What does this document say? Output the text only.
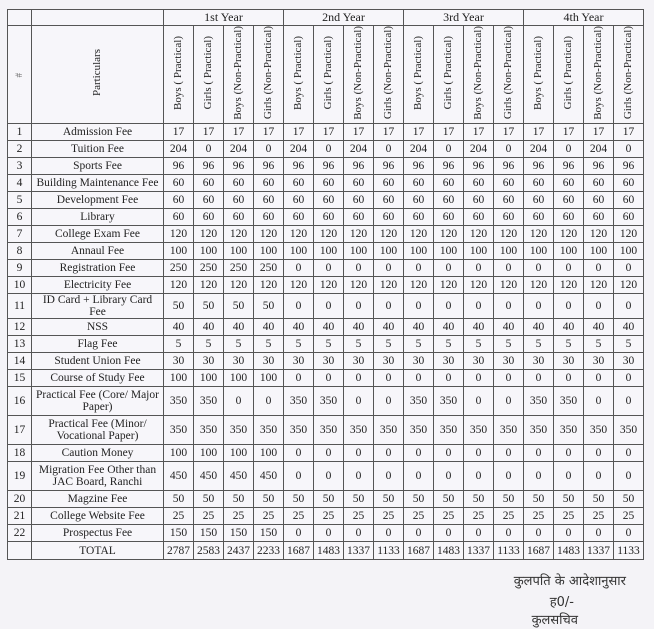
		1st Year				2nd Year				3rd Year				4th Year			
#	Particulars	Boys ( Practical)	Girls ( Practical)	Boys (Non-Practical)	Girls (Non-Practical)	Boys ( Practical)	Girls ( Practical)	Boys (Non-Practical)	Girls (Non-Practical)	Boys ( Practical)	Girls ( Practical)	Boys (Non-Practical)	Girls (Non-Practical)	Boys ( Practical)	Girls ( Practical)	Boys (Non-Practical)	Girls (Non-Practical)
1	Admission Fee	17	17	17	17	17	17	17	17	17	17	17	17	17	17	17	17
2	Tuition Fee	204	0	204	0	204	0	204	0	204	0	204	0	204	0	204	0
3	Sports Fee	96	96	96	96	96	96	96	96	96	96	96	96	96	96	96	96
4	Building Maintenance Fee	60	60	60	60	60	60	60	60	60	60	60	60	60	60	60	60
5	Development Fee	60	60	60	60	60	60	60	60	60	60	60	60	60	60	60	60
6	Library	60	60	60	60	60	60	60	60	60	60	60	60	60	60	60	60
7	College Exam Fee	120	120	120	120	120	120	120	120	120	120	120	120	120	120	120	120
8	Annaul Fee	100	100	100	100	100	100	100	100	100	100	100	100	100	100	100	100
9	Registration Fee	250	250	250	250	0	0	0	0	0	0	0	0	0	0	0	0
10	Electricity Fee	120	120	120	120	120	120	120	120	120	120	120	120	120	120	120	120
11	ID Card + Library Card Fee	50	50	50	50	0	0	0	0	0	0	0	0	0	0	0	0
12	NSS	40	40	40	40	40	40	40	40	40	40	40	40	40	40	40	40
13	Flag Fee	5	5	5	5	5	5	5	5	5	5	5	5	5	5	5	5
14	Student Union Fee	30	30	30	30	30	30	30	30	30	30	30	30	30	30	30	30
15	Course of Study Fee	100	100	100	100	0	0	0	0	0	0	0	0	0	0	0	0
16	Practical Fee (Core/ Major Paper)	350	350	0	0	350	350	0	0	350	350	0	0	350	350	0	0
17	Practical Fee (Minor/ Vocational Paper)	350	350	350	350	350	350	350	350	350	350	350	350	350	350	350	350
18	Caution Money	100	100	100	100	0	0	0	0	0	0	0	0	0	0	0	0
19	Migration Fee Other than JAC Board, Ranchi	450	450	450	450	0	0	0	0	0	0	0	0	0	0	0	0
20	Magzine Fee	50	50	50	50	50	50	50	50	50	50	50	50	50	50	50	50
21	College Website Fee	25	25	25	25	25	25	25	25	25	25	25	25	25	25	25	25
22	Prospectus Fee	150	150	150	150	0	0	0	0	0	0	0	0	0	0	0	0
	TOTAL	2787	2583	2437	2233	1687	1483	1337	1133	1687	1483	1337	1133	1687	1483	1337	1133
कुलपति के आदेशानुसार
ह0/-
कुलसचिव
